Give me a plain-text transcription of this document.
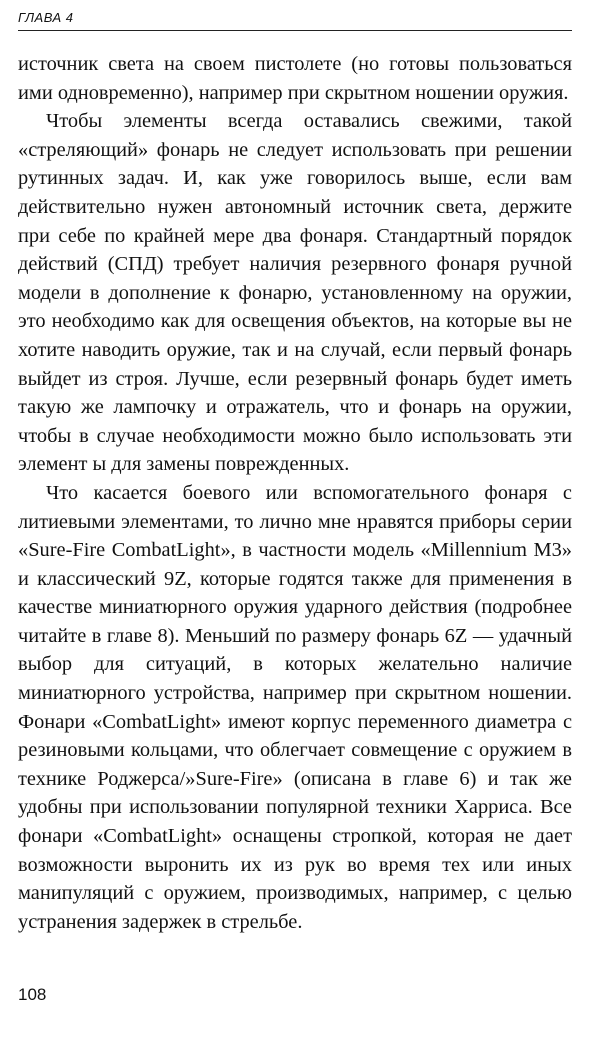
ГЛАВА 4

источник света на своем пистолете (но готовы пользоваться ими одновременно), например при скрытном ношении оружия.

Чтобы элементы всегда оставались свежими, такой «стреляющий» фонарь не следует использовать при решении рутинных задач. И, как уже говорилось выше, если вам действительно нужен автономный источник света, держите при себе по крайней мере два фонаря. Стандартный порядок действий (СПД) требует наличия резервного фонаря ручной модели в дополнение к фонарю, установленному на оружии, это необходимо как для освещения объектов, на которые вы не хотите наводить оружие, так и на случай, если первый фонарь выйдет из строя. Лучше, если резервный фонарь будет иметь такую же лампочку и отражатель, что и фонарь на оружии, чтобы в случае необходимости можно было использовать эти элемент ы для замены поврежденных.

Что касается боевого или вспомогательного фонаря с литиевыми элементами, то лично мне нравятся приборы серии «Sure-Fire CombatLight», в частности модель «Millennium M3» и классический 9Z, которые годятся также для применения в качестве миниатюрного оружия ударного действия (подробнее читайте в главе 8). Меньший по размеру фонарь 6Z — удачный выбор для ситуаций, в которых желательно наличие миниатюрного устройства, например при скрытном ношении. Фонари «CombatLight» имеют корпус переменного диаметра с резиновыми кольцами, что облегчает совмещение с оружием в технике Роджерса/»Sure-Fire» (описана в главе 6) и так же удобны при использовании популярной техники Харриса. Все фонари «CombatLight» оснащены стропкой, которая не дает возможности выронить их из рук во время тех или иных манипуляций с оружием, производимых, например, с целью устранения задержек в стрельбе.

108
